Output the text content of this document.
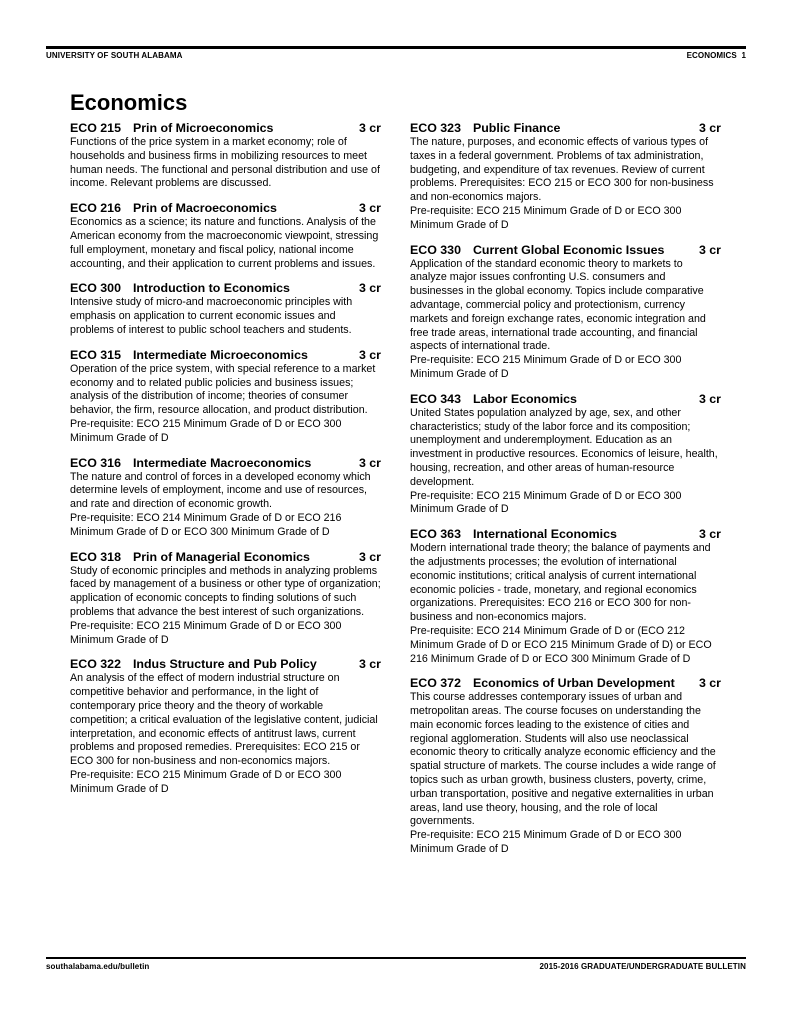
UNIVERSITY OF SOUTH ALABAMA	ECONOMICS  1
Economics
ECO 215 Prin of Microeconomics	3 cr

Functions of the price system in a market economy; role of households and business firms in mobilizing resources to meet human needs. The functional and personal distribution and use of income. Relevant problems are discussed.

ECO 216 Prin of Macroeconomics	3 cr

Economics as a science; its nature and functions. Analysis of the American economy from the macroeconomic viewpoint, stressing full employment, monetary and fiscal policy, national income accounting, and their application to current problems and issues.

ECO 300 Introduction to Economics	3 cr

Intensive study of micro-and macroeconomic principles with emphasis on application to current economic issues and problems of interest to public school teachers and students.

ECO 315 Intermediate Microeconomics	3 cr

Operation of the price system, with special reference to a market economy and to related public policies and business issues; analysis of the distribution of income; theories of consumer behavior, the firm, resource allocation, and product distribution.
Pre-requisite: ECO 215 Minimum Grade of D or ECO 300 Minimum Grade of D

ECO 316 Intermediate Macroeconomics	3 cr

The nature and control of forces in a developed economy which determine levels of employment, income and use of resources, and rate and direction of economic growth.
Pre-requisite: ECO 214 Minimum Grade of D or ECO 216 Minimum Grade of D or ECO 300 Minimum Grade of D

ECO 318 Prin of Managerial Economics	3 cr

Study of economic principles and methods in analyzing problems faced by management of a business or other type of organization; application of economic concepts to finding solutions of such problems that advance the best interest of such organizations.
Pre-requisite: ECO 215 Minimum Grade of D or ECO 300 Minimum Grade of D

ECO 322 Indus Structure and Pub Policy	3 cr

An analysis of the effect of modern industrial structure on competitive behavior and performance, in the light of contemporary price theory and the theory of workable competition; a critical evaluation of the legislative content, judicial interpretation, and economic effects of antitrust laws, current problems and proposed remedies. Prerequisites: ECO 215 or ECO 300 for non-business and non-economics majors.
Pre-requisite: ECO 215 Minimum Grade of D or ECO 300 Minimum Grade of D

ECO 323 Public Finance	3 cr

The nature, purposes, and economic effects of various types of taxes in a federal government. Problems of tax administration, budgeting, and expenditure of tax revenues. Review of current problems. Prerequisites: ECO 215 or ECO 300 for non-business and non-economics majors.
Pre-requisite: ECO 215 Minimum Grade of D or ECO 300 Minimum Grade of D

ECO 330 Current Global Economic Issues	3 cr

Application of the standard economic theory to markets to analyze major issues confronting U.S. consumers and businesses in the global economy. Topics include comparative advantage, commercial policy and protectionism, currency markets and foreign exchange rates, economic integration and free trade areas, international trade accounting, and financial aspects of international trade.
Pre-requisite: ECO 215 Minimum Grade of D or ECO 300 Minimum Grade of D

ECO 343 Labor Economics	3 cr

United States population analyzed by age, sex, and other characteristics; study of the labor force and its composition; unemployment and underemployment. Education as an investment in productive resources. Economics of leisure, health, housing, recreation, and other areas of human-resource development.
Pre-requisite: ECO 215 Minimum Grade of D or ECO 300 Minimum Grade of D

ECO 363 International Economics	3 cr

Modern international trade theory; the balance of payments and the adjustments processes; the evolution of international economic institutions; critical analysis of current international economic policies - trade, monetary, and regional economics organizations. Prerequisites: ECO 216 or ECO 300 for non-business and non-economics majors.
Pre-requisite: ECO 214 Minimum Grade of D or (ECO 212 Minimum Grade of D or ECO 215 Minimum Grade of D) or ECO 216 Minimum Grade of D or ECO 300 Minimum Grade of D

ECO 372 Economics of Urban Development 3 cr

This course addresses contemporary issues of urban and metropolitan areas. The course focuses on understanding the main economic forces leading to the existence of cities and regional agglomeration. Students will also use neoclassical economic theory to critically analyze economic efficiency and the spatial structure of markets. The course includes a wide range of topics such as urban growth, business clusters, poverty, crime, urban transportation, positive and negative externalities in urban areas, land use theory, housing, and the role of local governments.
Pre-requisite: ECO 215 Minimum Grade of D or ECO 300 Minimum Grade of D

southalabama.edu/bulletin	2015-2016 GRADUATE/UNDERGRADUATE BULLETIN
